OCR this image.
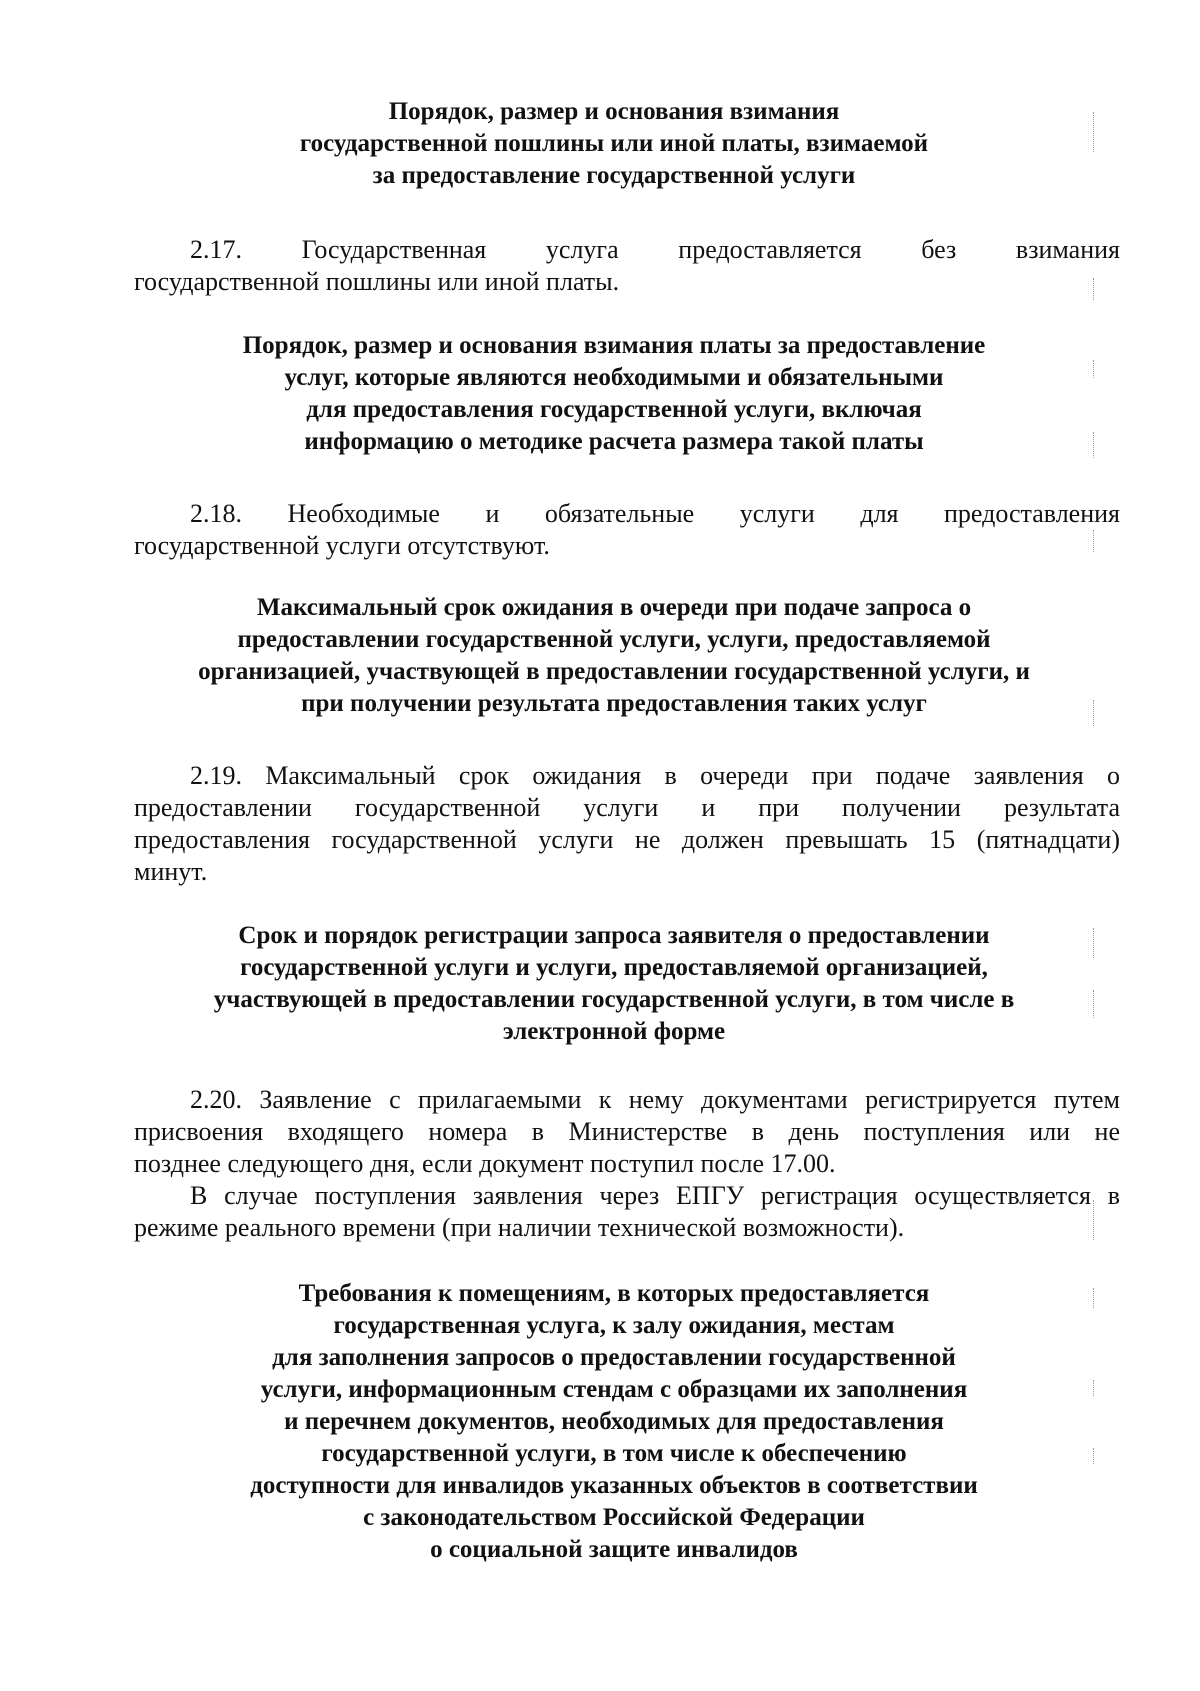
Порядок, размер и основания взимания
государственной пошлины или иной платы, взимаемой
за предоставление государственной услуги
2.17. Государственная услуга предоставляется без взимания
государственной пошлины или иной платы.
Порядок, размер и основания взимания платы за предоставление
услуг, которые являются необходимыми и обязательными
для предоставления государственной услуги, включая
информацию о методике расчета размера такой платы
2.18. Необходимые и обязательные услуги для предоставления
государственной услуги отсутствуют.
Максимальный срок ожидания в очереди при подаче запроса о
предоставлении государственной услуги, услуги, предоставляемой
организацией, участвующей в предоставлении государственной услуги, и
при получении результата предоставления таких услуг
2.19. Максимальный срок ожидания в очереди при подаче заявления о
предоставлении государственной услуги и при получении результата
предоставления государственной услуги не должен превышать 15 (пятнадцати)
минут.
Срок и порядок регистрации запроса заявителя о предоставлении
государственной услуги и услуги, предоставляемой организацией,
участвующей в предоставлении государственной услуги, в том числе в
электронной форме
2.20. Заявление с прилагаемыми к нему документами регистрируется путем
присвоения входящего номера в Министерстве в день поступления или не
позднее следующего дня, если документ поступил после 17.00.
В случае поступления заявления через ЕПГУ регистрация осуществляется в
режиме реального времени (при наличии технической возможности).
Требования к помещениям, в которых предоставляется
государственная услуга, к залу ожидания, местам
для заполнения запросов о предоставлении государственной
услуги, информационным стендам с образцами их заполнения
и перечнем документов, необходимых для предоставления
государственной услуги, в том числе к обеспечению
доступности для инвалидов указанных объектов в соответствии
с законодательством Российской Федерации
о социальной защите инвалидов
